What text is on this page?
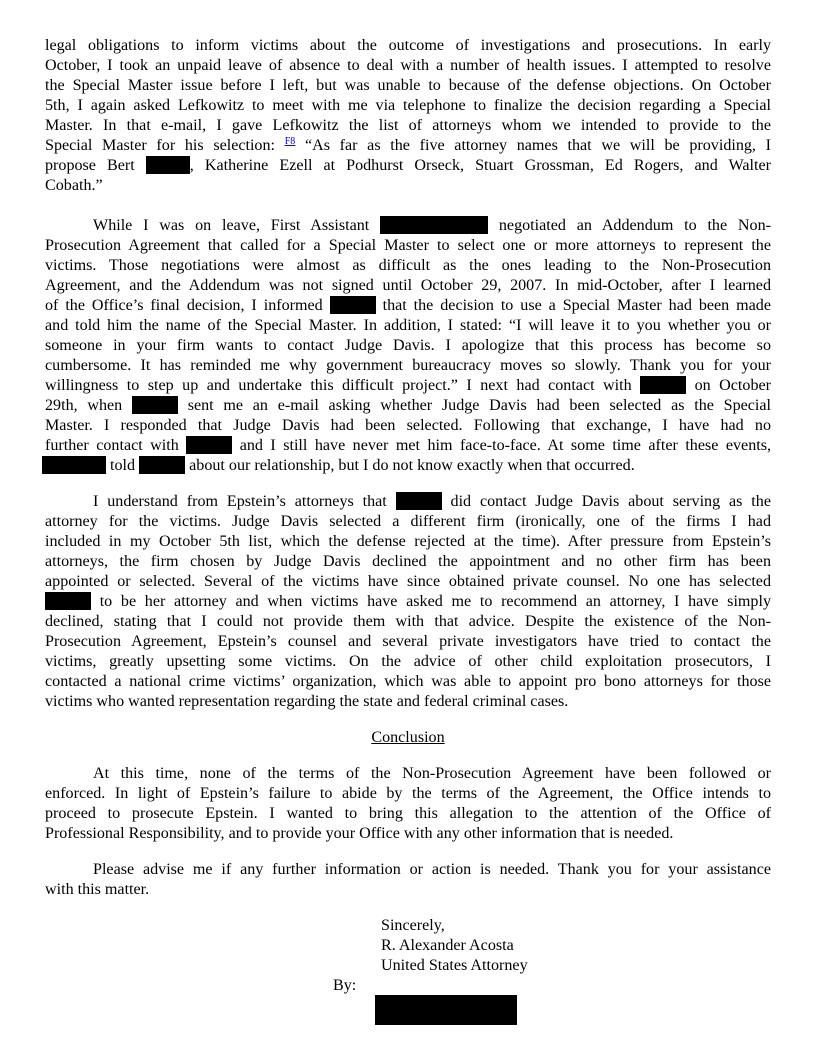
legal obligations to inform victims about the outcome of investigations and prosecutions. In early
October, I took an unpaid leave of absence to deal with a number of health issues. I attempted to resolve
the Special Master issue before I left, but was unable to because of the defense objections. On October
5th, I again asked Lefkowitz to meet with me via telephone to finalize the decision regarding a Special
Master. In that e-mail, I gave Lefkowitz the list of attorneys whom we intended to provide to the
Special Master for his selection: $^{F8}$ “As far as the five attorney names that we will be providing, I
propose Bert	, Katherine Ezell at Podhurst Orseck, Stuart Grossman, Ed Rogers, and Walter
Cobath.”
While I was on leave, First Assistant	negotiated an Addendum to the Non-
Prosecution Agreement that called for a Special Master to select one or more attorneys to represent the
victims. Those negotiations were almost as difficult as the ones leading to the Non-Prosecution
Agreement, and the Addendum was not signed until October 29, 2007. In mid-October, after I learned
of the Office’s final decision, I informed	that the decision to use a Special Master had been made
and told him the name of the Special Master. In addition, I stated: “I will leave it to you whether you or
someone in your firm wants to contact Judge Davis. I apologize that this process has become so
cumbersome. It has reminded me why government bureaucracy moves so slowly. Thank you for your
willingness to step up and undertake this difficult project.” I next had contact with	on October
29th, when	sent me an e-mail asking whether Judge Davis had been selected as the Special
Master. I responded that Judge Davis had been selected. Following that exchange, I have had no
further contact with	and I still have never met him face-to-face. At some time after these events,
told	about our relationship, but I do not know exactly when that occurred.
I understand from Epstein’s attorneys that	did contact Judge Davis about serving as the
attorney for the victims. Judge Davis selected a different firm (ironically, one of the firms I had
included in my October 5th list, which the defense rejected at the time). After pressure from Epstein’s
attorneys, the firm chosen by Judge Davis declined the appointment and no other firm has been
appointed or selected. Several of the victims have since obtained private counsel. No one has selected
to be her attorney and when victims have asked me to recommend an attorney, I have simply
declined, stating that I could not provide them with that advice. Despite the existence of the Non-
Prosecution Agreement, Epstein’s counsel and several private investigators have tried to contact the
victims, greatly upsetting some victims. On the advice of other child exploitation prosecutors, I
contacted a national crime victims’ organization, which was able to appoint pro bono attorneys for those
victims who wanted representation regarding the state and federal criminal cases.
Conclusion
At this time, none of the terms of the Non-Prosecution Agreement have been followed or
enforced. In light of Epstein’s failure to abide by the terms of the Agreement, the Office intends to
proceed to prosecute Epstein. I wanted to bring this allegation to the attention of the Office of
Professional Responsibility, and to provide your Office with any other information that is needed.
Please advise me if any further information or action is needed. Thank you for your assistance
with this matter.
Sincerely,
R. Alexander Acosta
United States Attorney
By:
